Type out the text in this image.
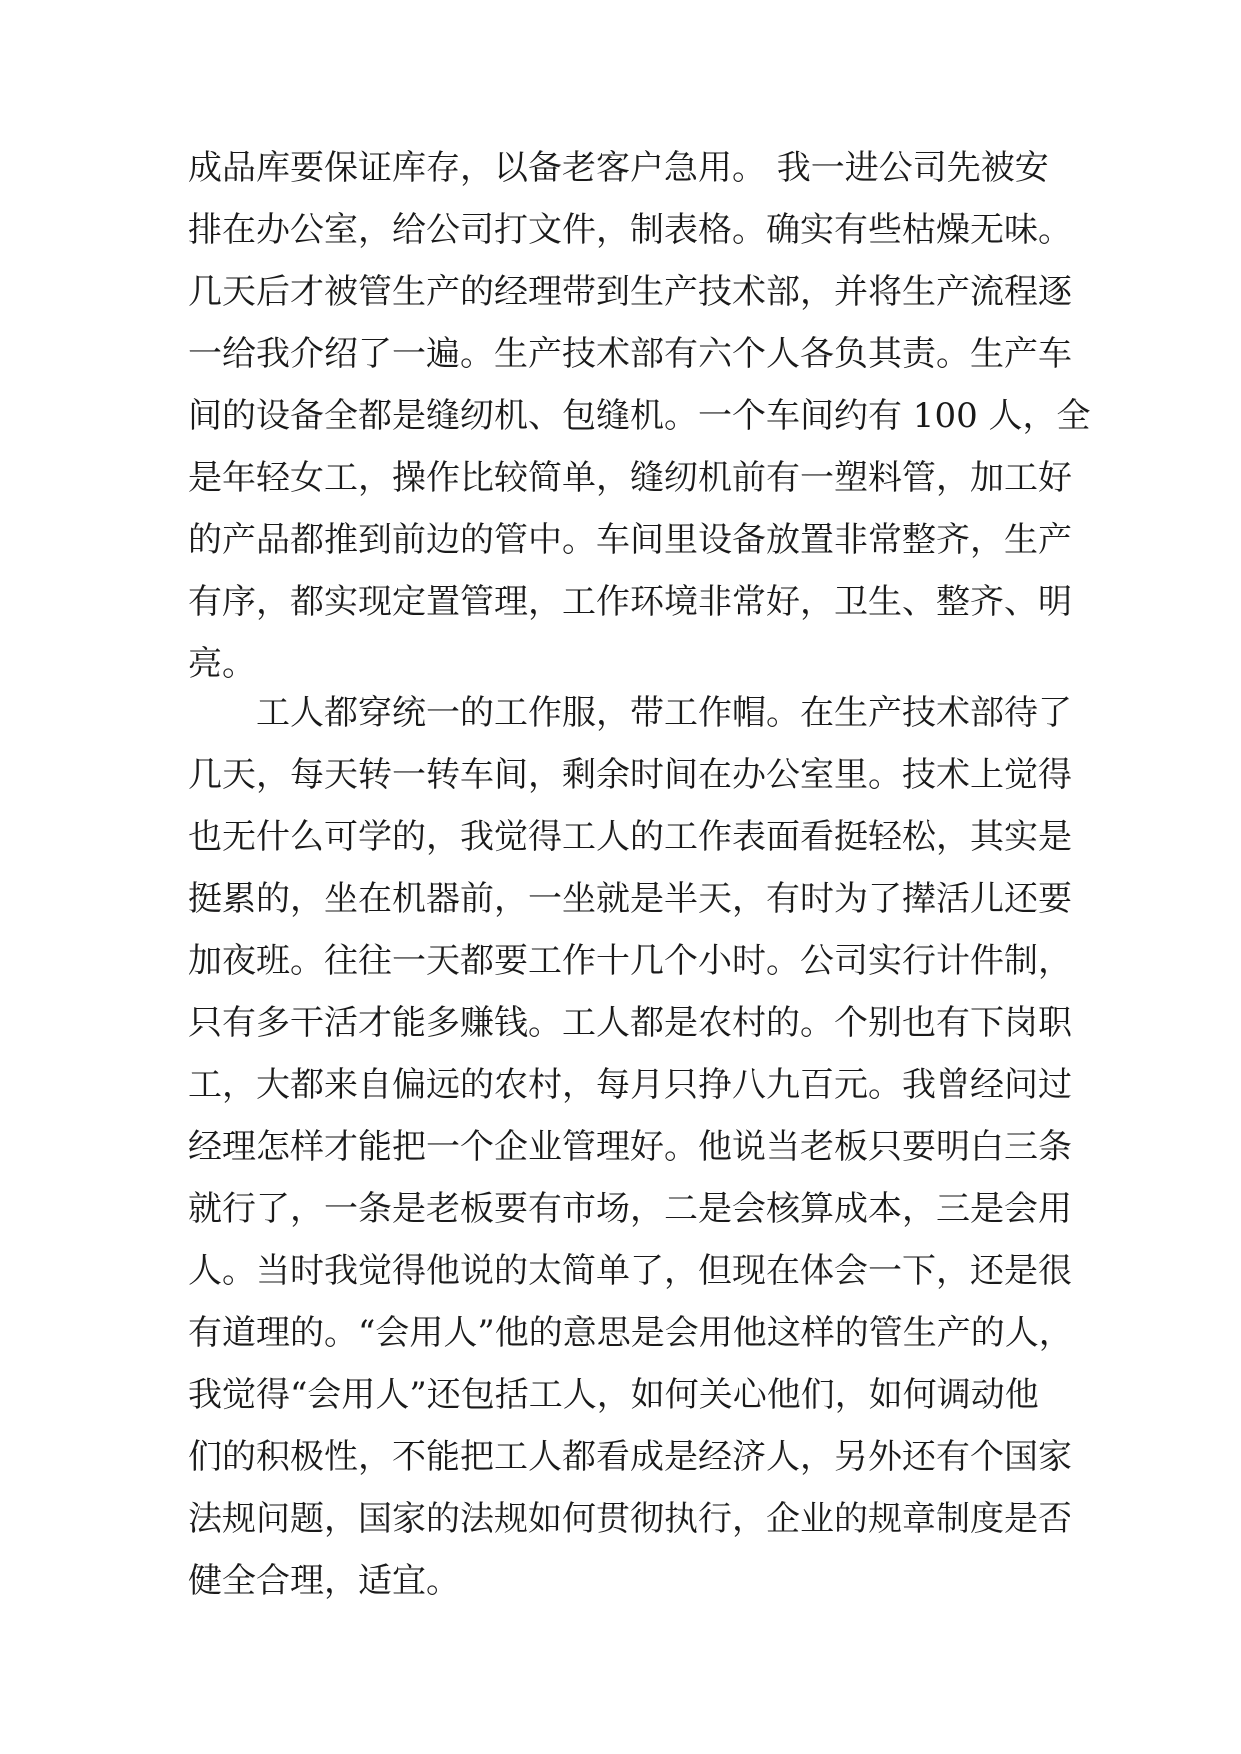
成品库要保证库存，以备老客户急用。 我一进公司先被安
排在办公室，给公司打文件，制表格。确实有些枯燥无味。
几天后才被管生产的经理带到生产技术部，并将生产流程逐
一给我介绍了一遍。生产技术部有六个人各负其责。生产车
间的设备全都是缝纫机、包缝机。一个车间约有 100 人，全
是年轻女工，操作比较简单，缝纫机前有一塑料管，加工好
的产品都推到前边的管中。车间里设备放置非常整齐，生产
有序，都实现定置管理，工作环境非常好，卫生、整齐、明
亮。
工人都穿统一的工作服，带工作帽。在生产技术部待了
几天，每天转一转车间，剩余时间在办公室里。技术上觉得
也无什么可学的，我觉得工人的工作表面看挺轻松，其实是
挺累的，坐在机器前，一坐就是半天，有时为了撵活儿还要
加夜班。往往一天都要工作十几个小时。公司实行计件制，
只有多干活才能多赚钱。工人都是农村的。个别也有下岗职
工，大都来自偏远的农村，每月只挣八九百元。我曾经问过
经理怎样才能把一个企业管理好。他说当老板只要明白三条
就行了，一条是老板要有市场，二是会核算成本，三是会用
人。当时我觉得他说的太简单了，但现在体会一下，还是很
有道理的。“会用人”他的意思是会用他这样的管生产的人，
我觉得“会用人”还包括工人，如何关心他们，如何调动他
们的积极性，不能把工人都看成是经济人，另外还有个国家
法规问题，国家的法规如何贯彻执行，企业的规章制度是否
健全合理，适宜。
